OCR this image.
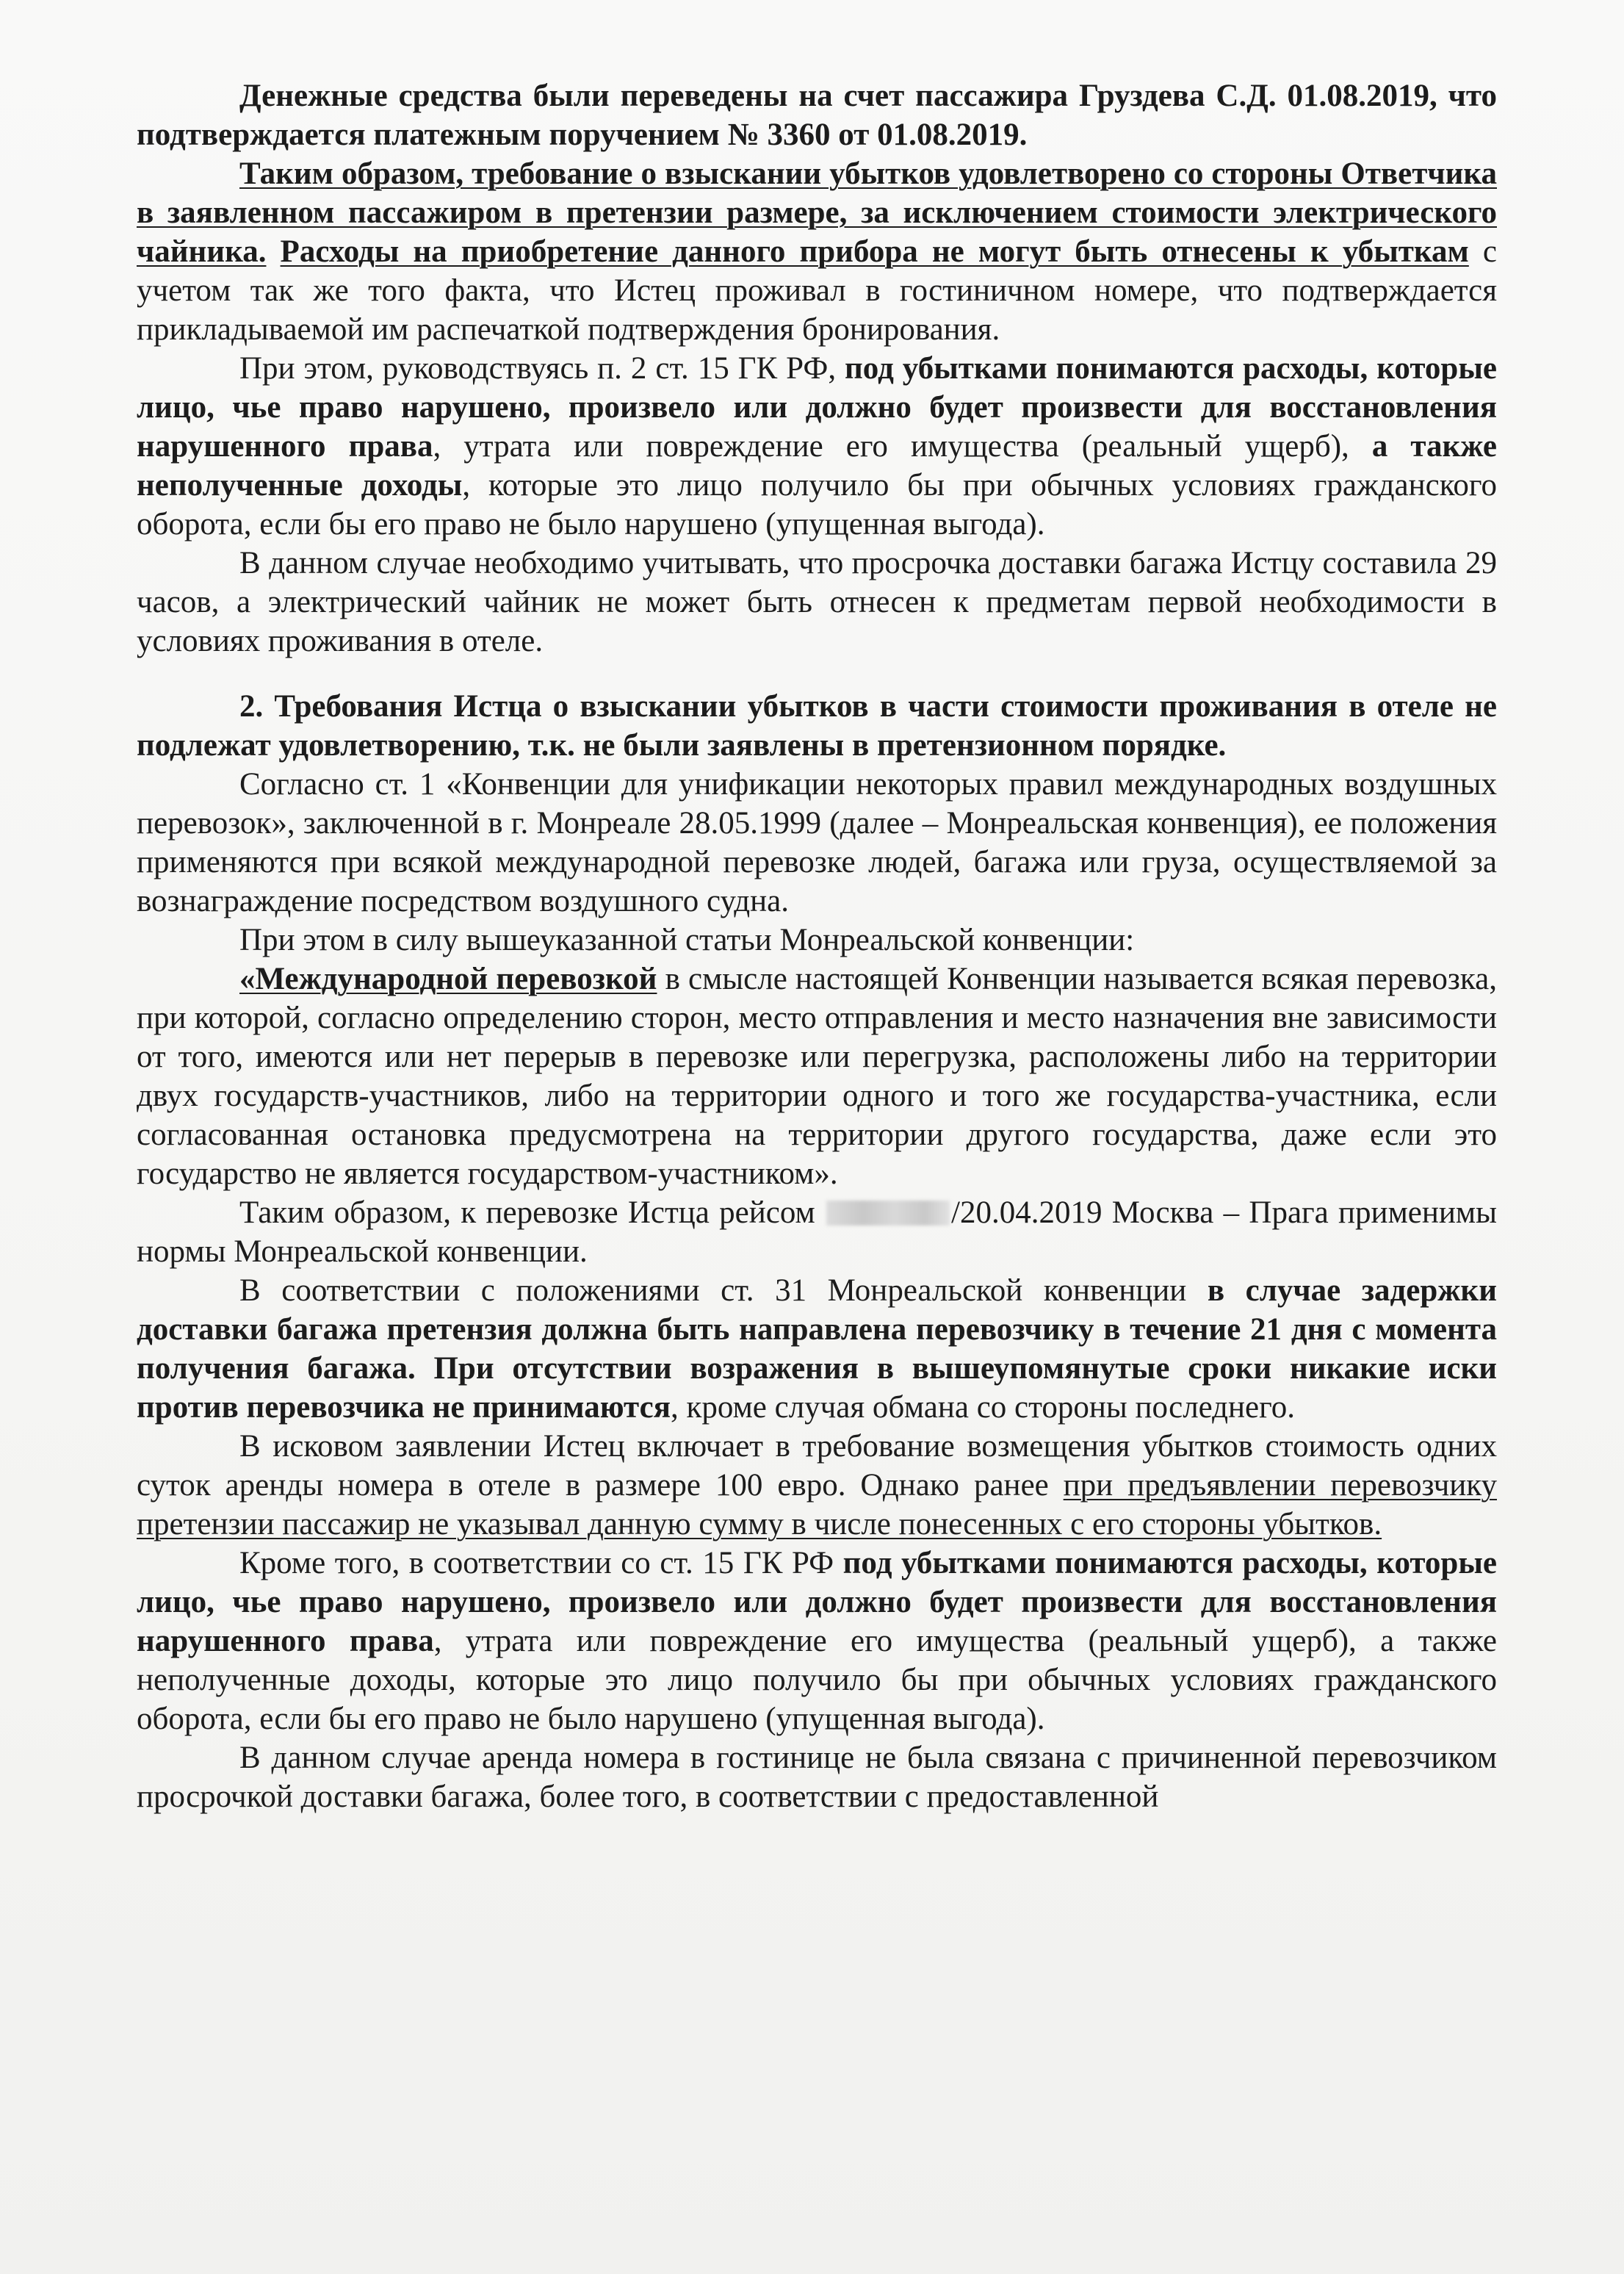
Денежные средства были переведены на счет пассажира Груздева С.Д. 01.08.2019, что подтверждается платежным поручением № 3360 от 01.08.2019.

Таким образом, требование о взыскании убытков удовлетворено со стороны Ответчика в заявленном пассажиром в претензии размере, за исключением стоимости электрического чайника. Расходы на приобретение данного прибора не могут быть отнесены к убыткам с учетом так же того факта, что Истец проживал в гостиничном номере, что подтверждается прикладываемой им распечаткой подтверждения бронирования.

При этом, руководствуясь п. 2 ст. 15 ГК РФ, под убытками понимаются расходы, которые лицо, чье право нарушено, произвело или должно будет произвести для восстановления нарушенного права, утрата или повреждение его имущества (реальный ущерб), а также неполученные доходы, которые это лицо получило бы при обычных условиях гражданского оборота, если бы его право не было нарушено (упущенная выгода).

В данном случае необходимо учитывать, что просрочка доставки багажа Истцу составила 29 часов, а электрический чайник не может быть отнесен к предметам первой необходимости в условиях проживания в отеле.

2. Требования Истца о взыскании убытков в части стоимости проживания в отеле не подлежат удовлетворению, т.к. не были заявлены в претензионном порядке.

Согласно ст. 1 «Конвенции для унификации некоторых правил международных воздушных перевозок», заключенной в г. Монреале 28.05.1999 (далее – Монреальская конвенция), ее положения применяются при всякой международной перевозке людей, багажа или груза, осуществляемой за вознаграждение посредством воздушного судна.

При этом в силу вышеуказанной статьи Монреальской конвенции:

«Международной перевозкой в смысле настоящей Конвенции называется всякая перевозка, при которой, согласно определению сторон, место отправления и место назначения вне зависимости от того, имеются или нет перерыв в перевозке или перегрузка, расположены либо на территории двух государств-участников, либо на территории одного и того же государства-участника, если согласованная остановка предусмотрена на территории другого государства, даже если это государство не является государством-участником».

Таким образом, к перевозке Истца рейсом	/20.04.2019 Москва – Прага применимы нормы Монреальской конвенции.

В соответствии с положениями ст. 31 Монреальской конвенции в случае задержки доставки багажа претензия должна быть направлена перевозчику в течение 21 дня с момента получения багажа. При отсутствии возражения в вышеупомянутые сроки никакие иски против перевозчика не принимаются, кроме случая обмана со стороны последнего.

В исковом заявлении Истец включает в требование возмещения убытков стоимость одних суток аренды номера в отеле в размере 100 евро. Однако ранее при предъявлении перевозчику претензии пассажир не указывал данную сумму в числе понесенных с его стороны убытков.

Кроме того, в соответствии со ст. 15 ГК РФ под убытками понимаются расходы, которые лицо, чье право нарушено, произвело или должно будет произвести для восстановления нарушенного права, утрата или повреждение его имущества (реальный ущерб), а также неполученные доходы, которые это лицо получило бы при обычных условиях гражданского оборота, если бы его право не было нарушено (упущенная выгода).

В данном случае аренда номера в гостинице не была связана с причиненной перевозчиком просрочкой доставки багажа, более того, в соответствии с предоставленной
